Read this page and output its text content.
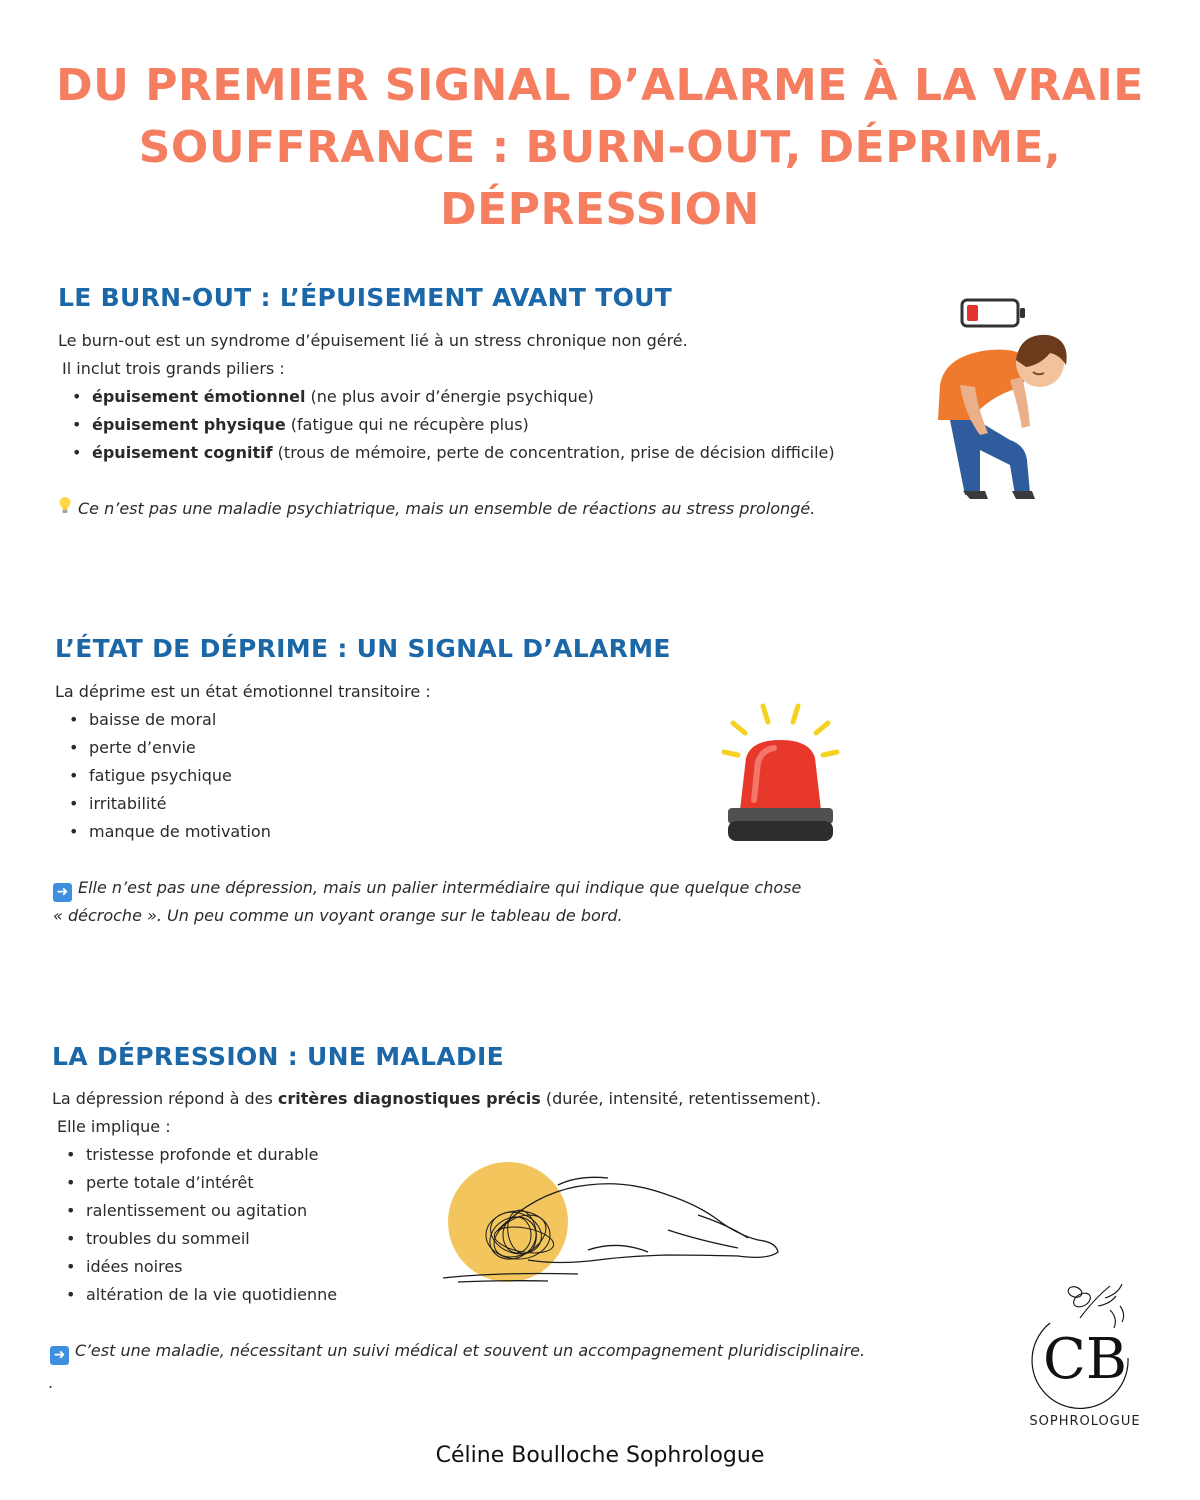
DU PREMIER SIGNAL D’ALARME À LA VRAIE
SOUFFRANCE : BURN-OUT, DÉPRIME, DÉPRESSION
LE BURN-OUT : L’ÉPUISEMENT AVANT TOUT

Le burn-out est un syndrome d’épuisement lié à un stress chronique non géré.

Il inclut trois grands piliers :

• épuisement émotionnel (ne plus avoir d’énergie psychique)
• épuisement physique (fatigue qui ne récupère plus)
• épuisement cognitif (trous de mémoire, perte de concentration, prise de décision difficile)

Ce n’est pas une maladie psychiatrique, mais un ensemble de réactions au stress prolongé.

L’ÉTAT DE DÉPRIME : UN SIGNAL D’ALARME

La déprime est un état émotionnel transitoire :

• baisse de moral
• perte d’envie
• fatigue psychique
• irritabilité
• manque de motivation

➜ Elle n’est pas une dépression, mais un palier intermédiaire qui indique que quelque chose
« décroche ». Un peu comme un voyant orange sur le tableau de bord.

LA DÉPRESSION : UNE MALADIE

La dépression répond à des critères diagnostiques précis (durée, intensité, retentissement).

Elle implique :

• tristesse profonde et durable
• perte totale d’intérêt
• ralentissement ou agitation
• troubles du sommeil
• idées noires
• altération de la vie quotidienne

➜ C’est une maladie, nécessitant un suivi médical et souvent un accompagnement pluridisciplinaire.

.	CB
SOPHROLOGUE
Céline Boulloche Sophrologue
